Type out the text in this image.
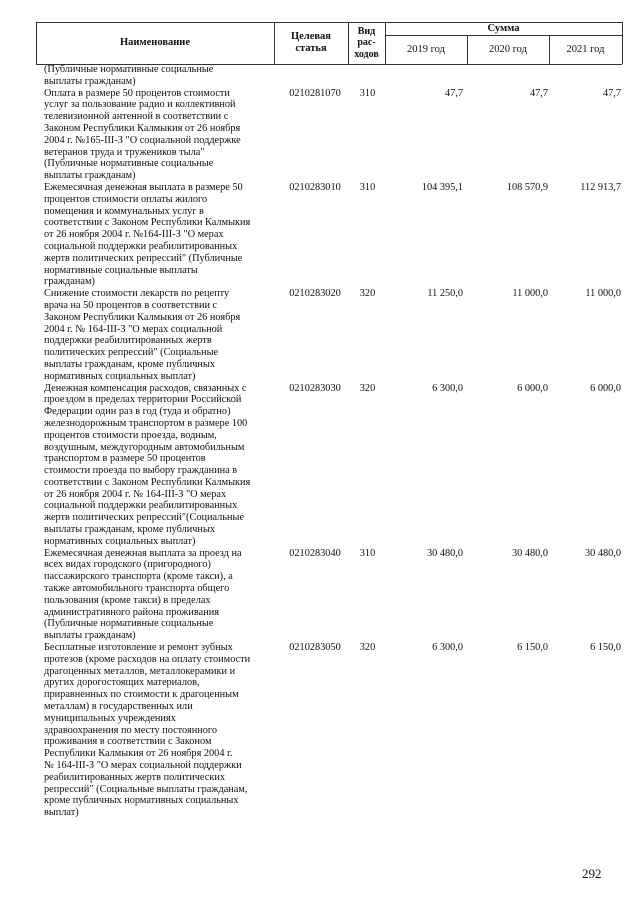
Наименование
Целевая
статья
Вид
рас-
ходов
Сумма
2019 год	2020 год	2021 год
(Публичные нормативные социальные
выплаты гражданам)
Оплата в размере 50 процентов стоимости
услуг за пользование радио и коллективной
телевизионной антенной в соответствии с
Законом Республики Калмыкия от 26 ноября
2004 г. №165-III-З "О социальной поддержке
ветеранов труда и тружеников тыла"
(Публичные нормативные социальные
выплаты гражданам)
0210281070	310	47,7	47,7	47,7
Ежемесячная денежная выплата в размере 50
процентов стоимости оплаты жилого
помещения и коммунальных услуг в
соответствии с Законом Республики Калмыкия
от 26 ноября 2004 г. №164-III-З "О мерах
социальной поддержки реабилитированных
жертв политических репрессий" (Публичные
нормативные социальные выплаты
гражданам)
0210283010	310	104 395,1	108 570,9	112 913,7
Снижение стоимости лекарств по рецепту
врача на 50 процентов в соответствии с
Законом Республики Калмыкия от 26 ноября
2004 г. № 164-III-З "О мерах социальной
поддержки реабилитированных жертв
политических репрессий" (Социальные
выплаты гражданам, кроме публичных
нормативных социальных выплат)
0210283020	320	11 250,0	11 000,0	11 000,0
Денежная компенсация расходов, связанных с
проездом в пределах территории Российской
Федерации один раз в год (туда и обратно)
железнодорожным транспортом в размере 100
процентов стоимости проезда, водным,
воздушным, междугородным автомобильным
транспортом в размере 50 процентов
стоимости проезда по выбору гражданина в
соответствии с Законом Республики Калмыкия
от 26 ноября 2004 г. № 164-III-З "О мерах
социальной поддержки реабилитированных
жертв политических репрессий"(Социальные
выплаты гражданам, кроме публичных
нормативных социальных выплат)
0210283030	320	6 300,0	6 000,0	6 000,0
Ежемесячная денежная выплата за проезд на
всех видах городского (пригородного)
пассажирского транспорта (кроме такси), а
также автомобильного транспорта общего
пользования (кроме такси) в пределах
административного района проживания
(Публичные нормативные социальные
выплаты гражданам)
0210283040	310	30 480,0	30 480,0	30 480,0
Бесплатные изготовление и ремонт зубных
протезов (кроме расходов на оплату стоимости
драгоценных металлов, металлокерамики и
других дорогостоящих материалов,
приравненных по стоимости к драгоценным
металлам) в государственных или
муниципальных учреждениях
здравоохранения по месту постоянного
проживания в соответствии с Законом
Республики Калмыкия от 26 ноября 2004 г.
№ 164-III-З "О мерах социальной поддержки
реабилитированных жертв политических
репрессий" (Социальные выплаты гражданам,
кроме публичных нормативных социальных
выплат)
0210283050	320	6 300,0	6 150,0	6 150,0
292
